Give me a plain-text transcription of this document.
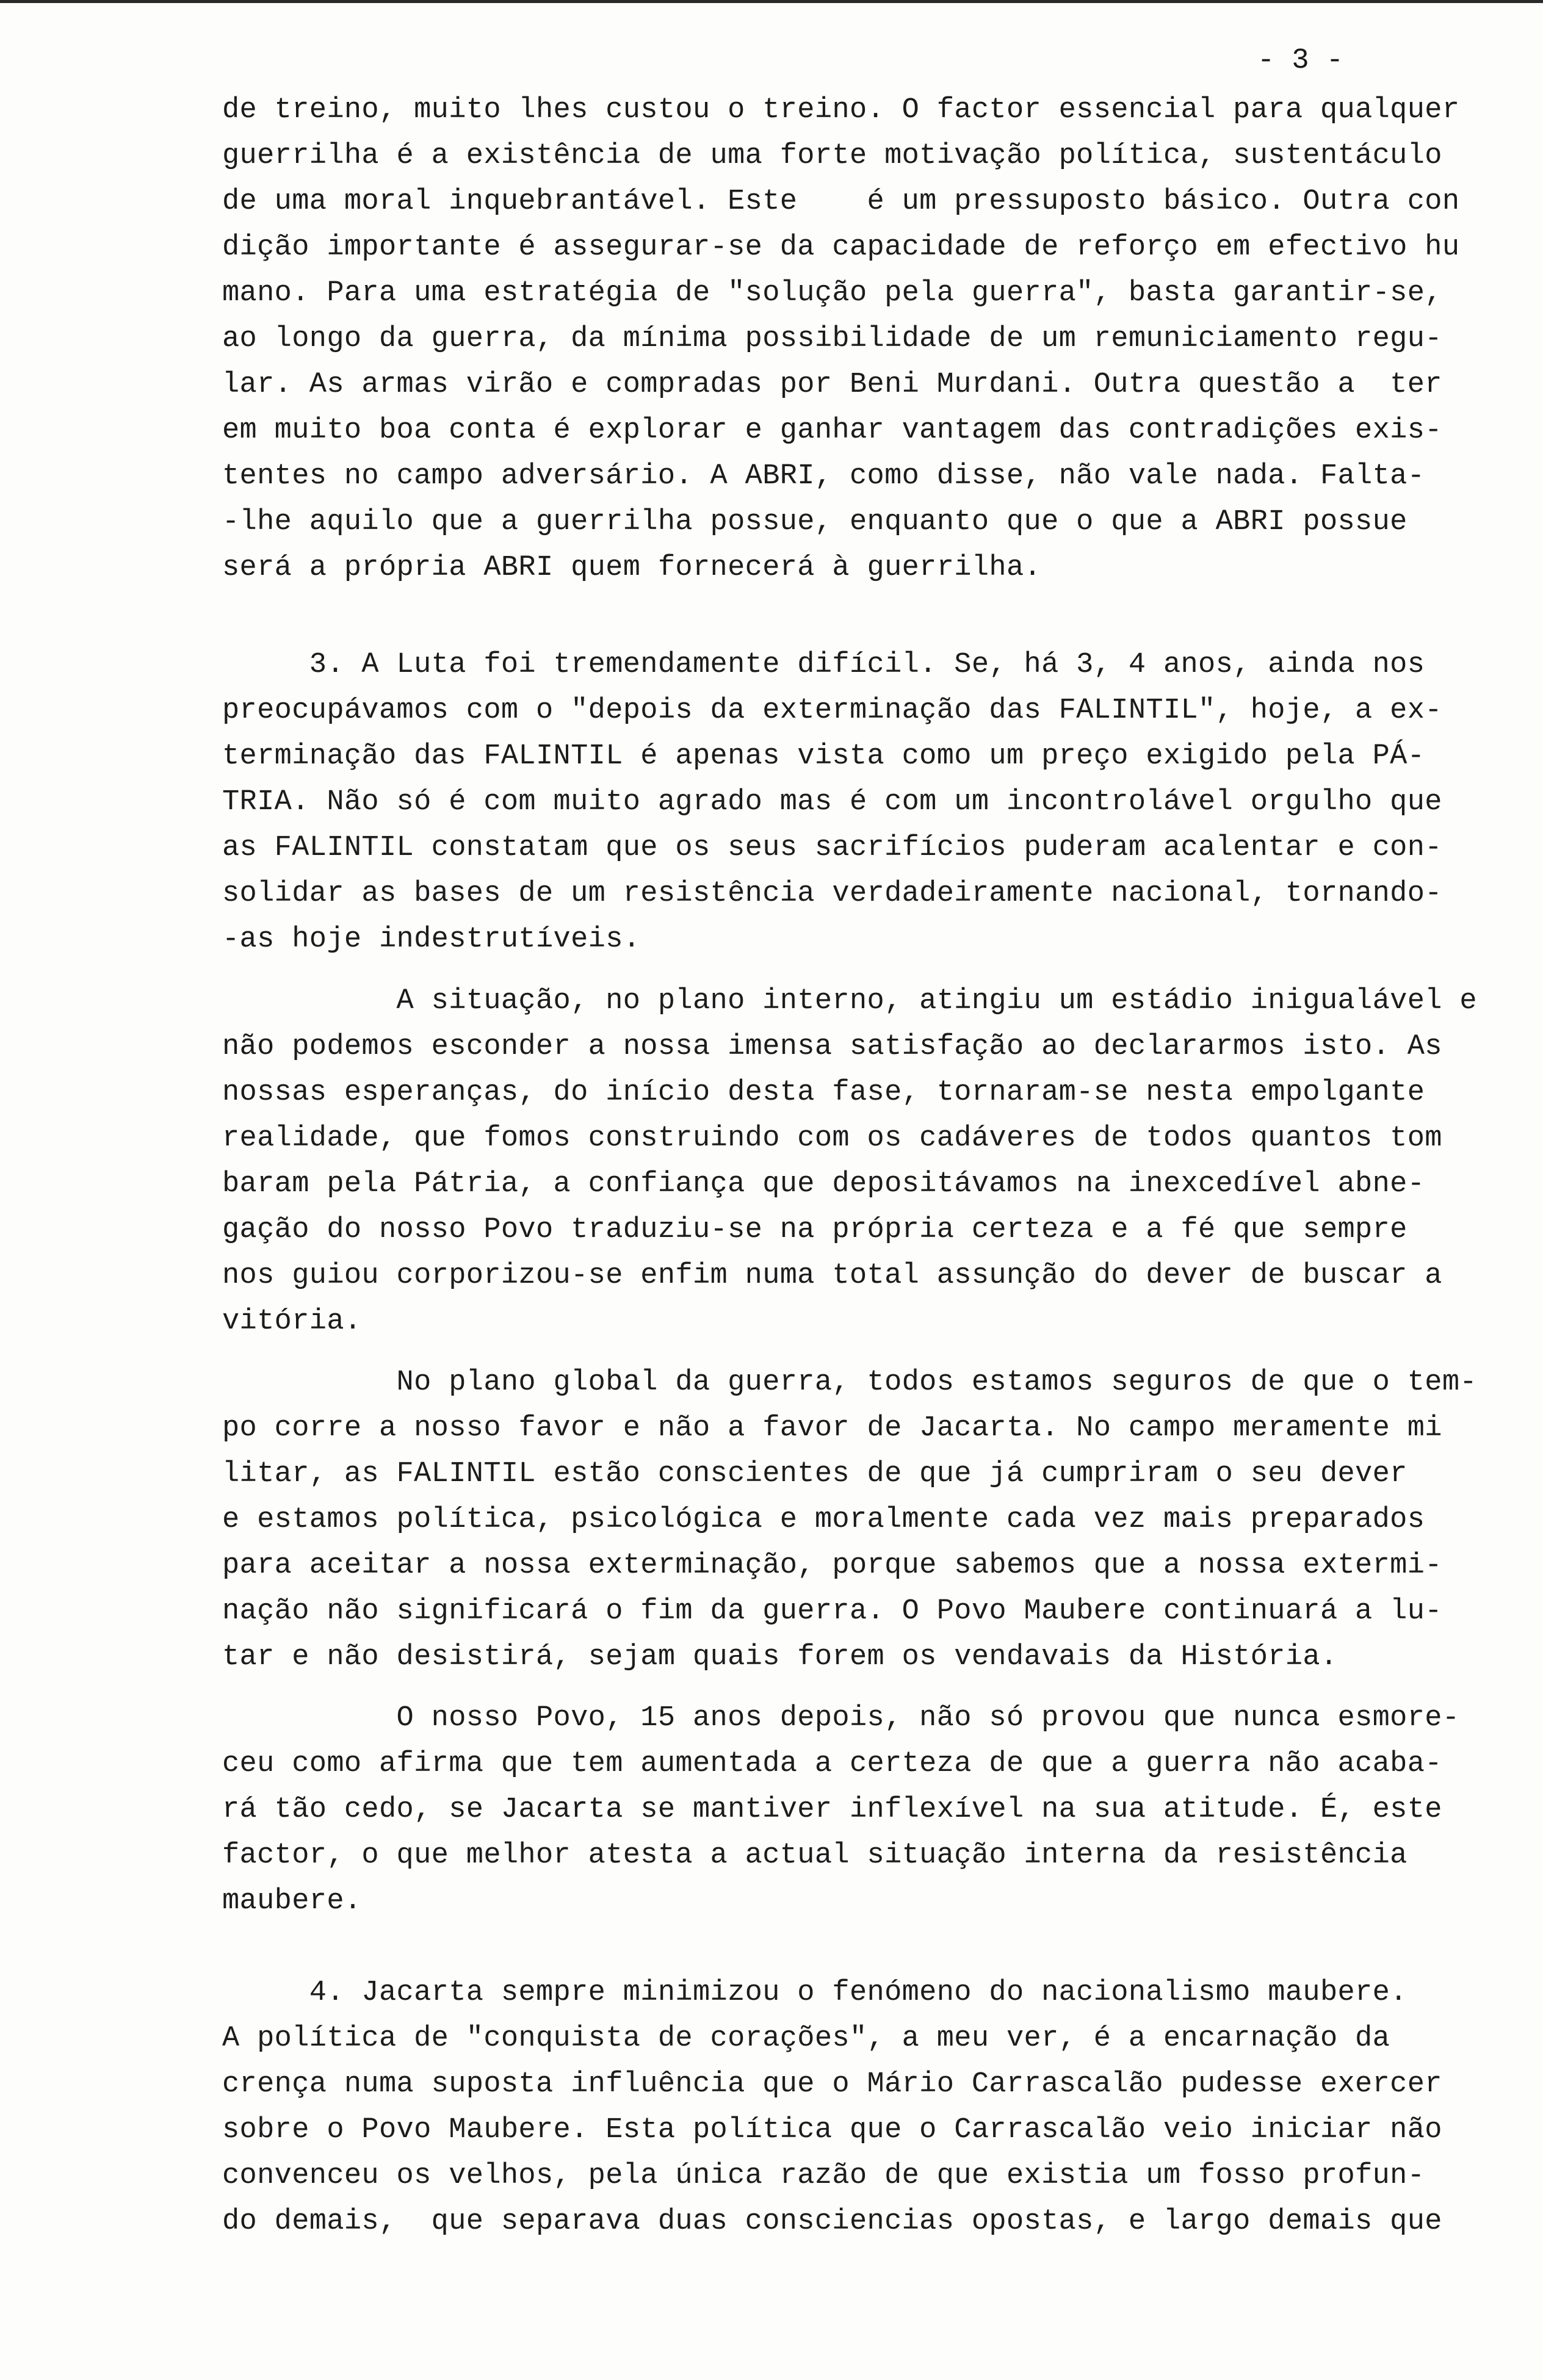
- 3 -
de treino, muito lhes custou o treino. O factor essencial para qualquer
guerrilha é a existência de uma forte motivação política, sustentáculo
de uma moral inquebrantável. Este    é um pressuposto básico. Outra con
dição importante é assegurar-se da capacidade de reforço em efectivo hu
mano. Para uma estratégia de "solução pela guerra", basta garantir-se,
ao longo da guerra, da mínima possibilidade de um remuniciamento regu-
lar. As armas virão e compradas por Beni Murdani. Outra questão a  ter
em muito boa conta é explorar e ganhar vantagem das contradições exis-
tentes no campo adversário. A ABRI, como disse, não vale nada. Falta-
-lhe aquilo que a guerrilha possue, enquanto que o que a ABRI possue
será a própria ABRI quem fornecerá à guerrilha.
3. A Luta foi tremendamente difícil. Se, há 3, 4 anos, ainda nos
preocupávamos com o "depois da exterminação das FALINTIL", hoje, a ex-
terminação das FALINTIL é apenas vista como um preço exigido pela PÁ-
TRIA. Não só é com muito agrado mas é com um incontrolável orgulho que
as FALINTIL constatam que os seus sacrifícios puderam acalentar e con-
solidar as bases de um resistência verdadeiramente nacional, tornando-
-as hoje indestrutíveis.
A situação, no plano interno, atingiu um estádio inigualável e
não podemos esconder a nossa imensa satisfação ao declararmos isto. As
nossas esperanças, do início desta fase, tornaram-se nesta empolgante
realidade, que fomos construindo com os cadáveres de todos quantos tom
baram pela Pátria, a confiança que depositávamos na inexcedível abne-
gação do nosso Povo traduziu-se na própria certeza e a fé que sempre
nos guiou corporizou-se enfim numa total assunção do dever de buscar a
vitória.
No plano global da guerra, todos estamos seguros de que o tem-
po corre a nosso favor e não a favor de Jacarta. No campo meramente mi
litar, as FALINTIL estão conscientes de que já cumpriram o seu dever
e estamos política, psicológica e moralmente cada vez mais preparados
para aceitar a nossa exterminação, porque sabemos que a nossa extermi-
nação não significará o fim da guerra. O Povo Maubere continuará a lu-
tar e não desistirá, sejam quais forem os vendavais da História.
O nosso Povo, 15 anos depois, não só provou que nunca esmore-
ceu como afirma que tem aumentada a certeza de que a guerra não acaba-
rá tão cedo, se Jacarta se mantiver inflexível na sua atitude. É, este
factor, o que melhor atesta a actual situação interna da resistência
maubere.
4. Jacarta sempre minimizou o fenómeno do nacionalismo maubere.
A política de "conquista de corações", a meu ver, é a encarnação da
crença numa suposta influência que o Mário Carrascalão pudesse exercer
sobre o Povo Maubere. Esta política que o Carrascalão veio iniciar não
convenceu os velhos, pela única razão de que existia um fosso profun-
do demais,  que separava duas consciencias opostas, e largo demais que
